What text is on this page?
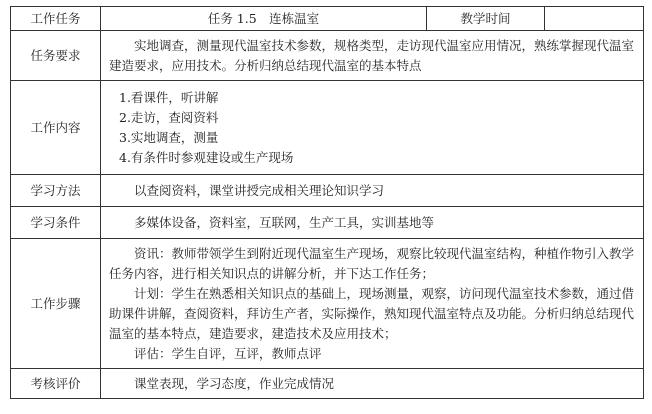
工作任务	任务 1.5　连栋温室	教学时间	
任务要求	实地调查，测量现代温室技术参数，规格类型，走访现代温室应用情况，熟练掌握现代温室建造要求，应用技术。分析归纳总结现代温室的基本特点		
工作内容	1.看课件，听讲解

2.走访，查阅资料

3.实地调查，测量

4.有条件时参观建设或生产现场		

学习方法	以查阅资料，课堂讲授完成相关理论知识学习		
学习条件	多媒体设备，资料室，互联网，生产工具，实训基地等		
工作步骤	资讯：教师带领学生到附近现代温室生产现场，观察比较现代温室结构，种植作物引入教学任务内容，进行相关知识点的讲解分析，并下达工作任务；

计划：学生在熟悉相关知识点的基础上，现场测量，观察，访问现代温室技术参数，通过借助课件讲解，查阅资料，拜访生产者，实际操作，熟知现代温室特点及功能。分析归纳总结现代温室的基本特点，建造要求，建造技术及应用技术；

评估：学生自评，互评，教师点评		

考核评价	课堂表现，学习态度，作业完成情况		
